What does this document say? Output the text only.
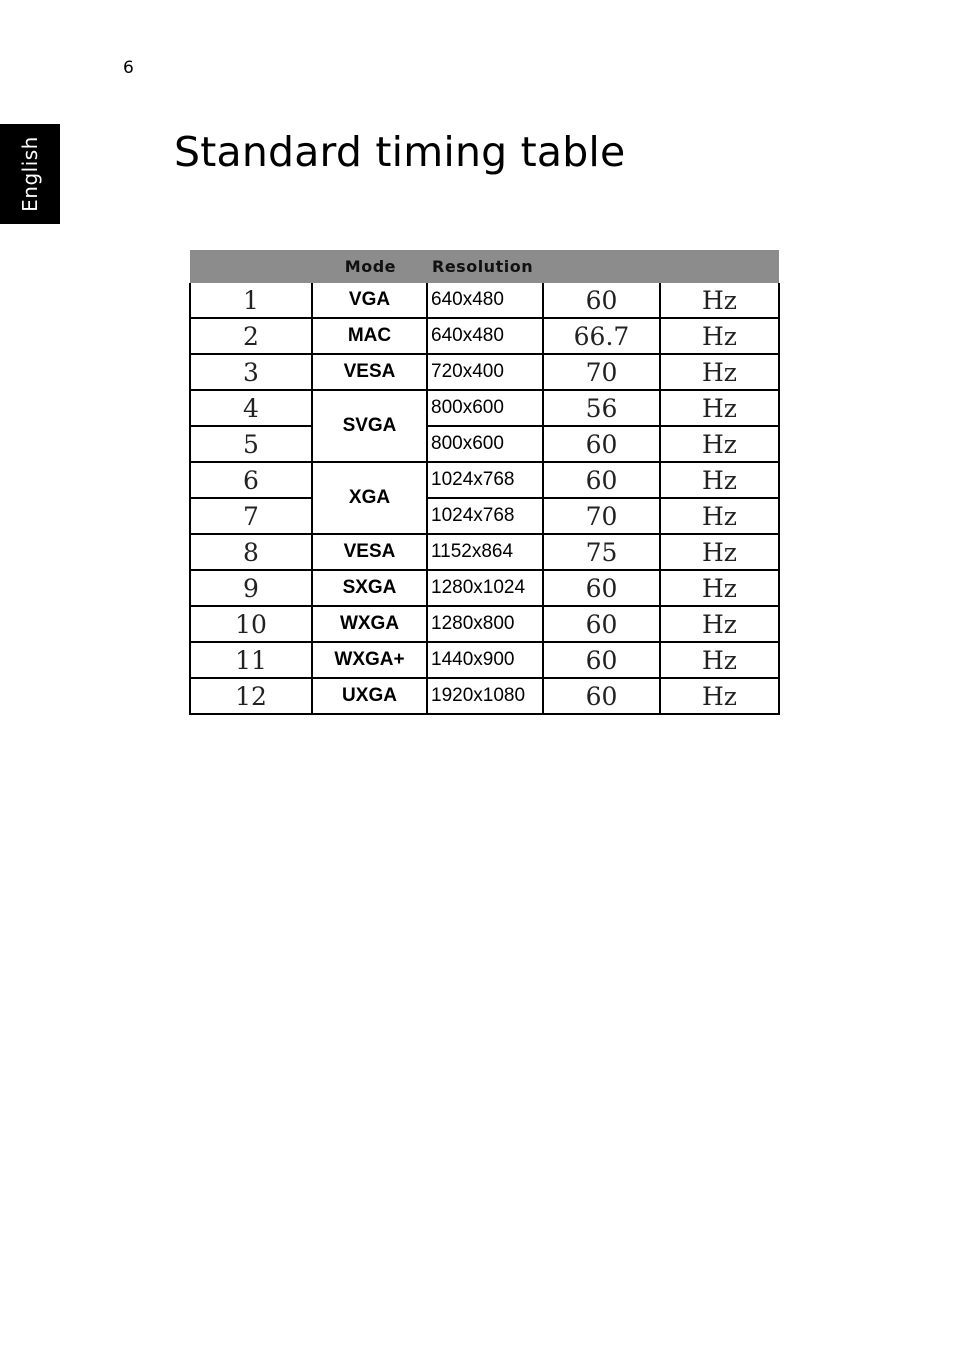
6
English	Standard timing table
Mode		Resolution		
1	VGA	640x480	60	Hz
2	MAC	640x480	66.7	Hz
3	VESA	720x400	70	Hz
4	SVGA	800x600	56	Hz
5		800x600	60	Hz
6	XGA	1024x768	60	Hz
7		1024x768	70	Hz
8	VESA	1152x864	75	Hz
9	SXGA	1280x1024	60	Hz
10	WXGA	1280x800	60	Hz
11	WXGA+	1440x900	60	Hz
12	UXGA	1920x1080	60	Hz
